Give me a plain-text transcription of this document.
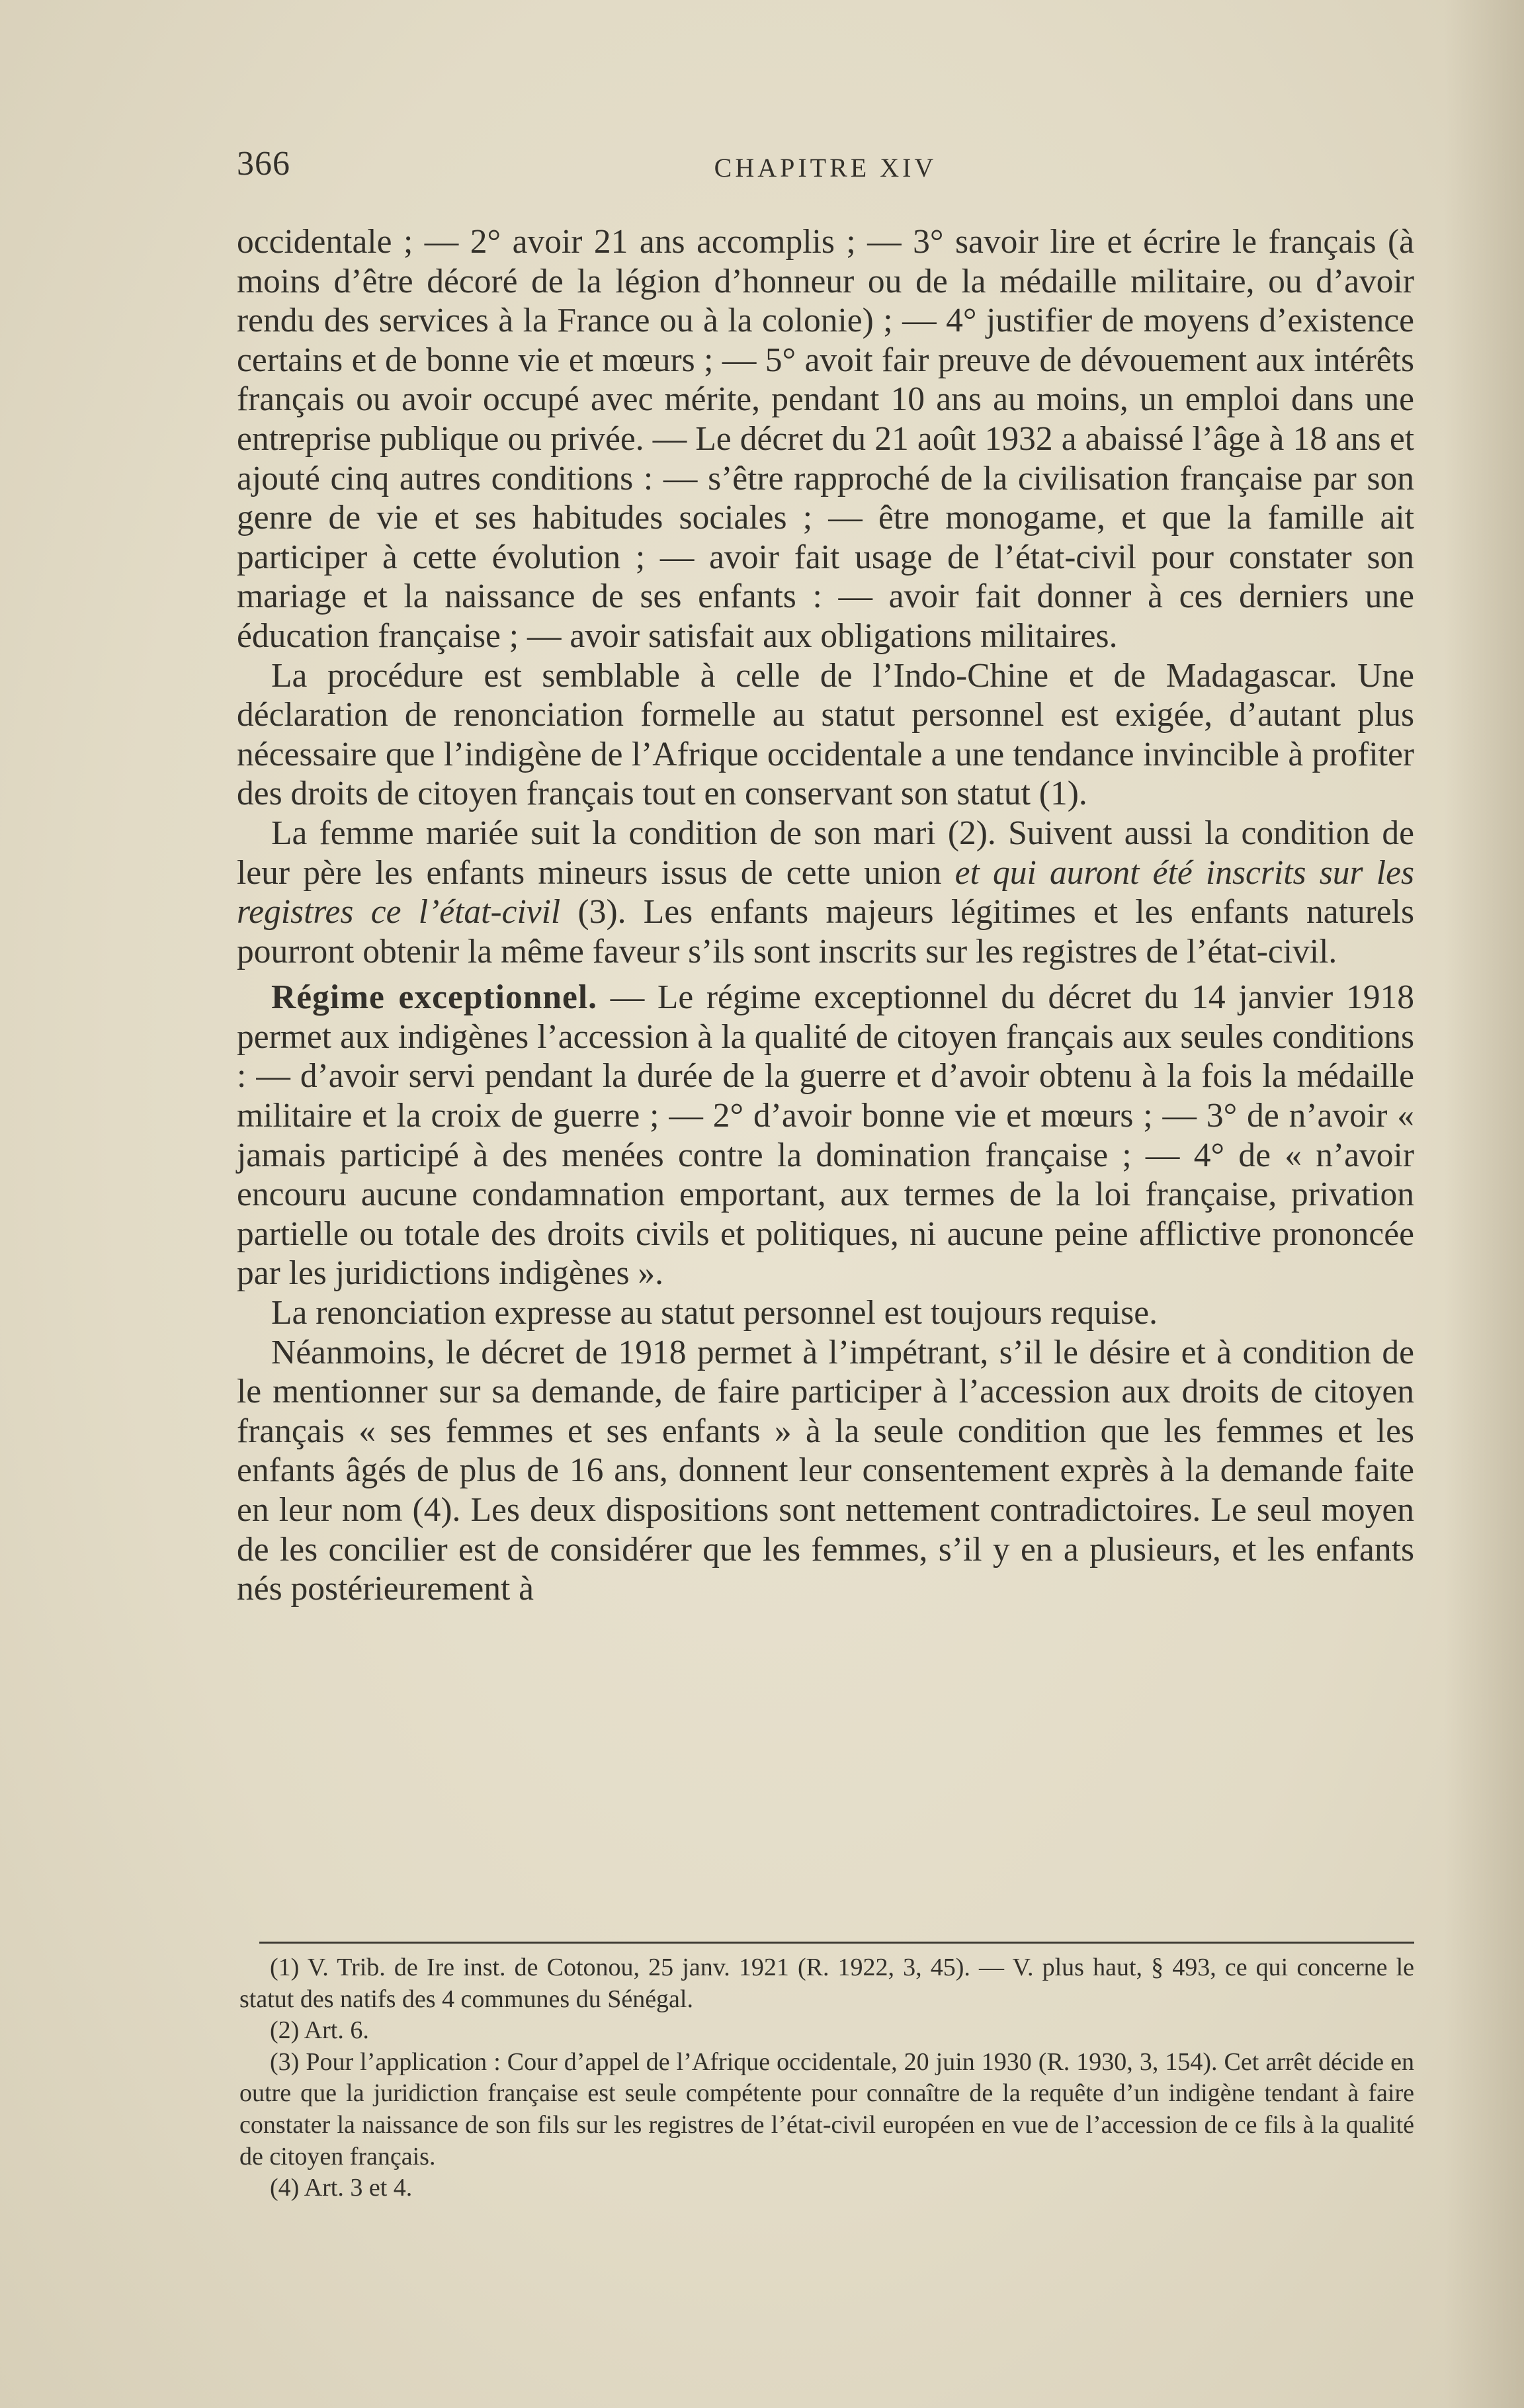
366	CHAPITRE XIV

occidentale ; — 2° avoir 21 ans accomplis ; — 3° savoir lire et écrire le français (à moins d’être décoré de la légion d’honneur ou de la médaille militaire, ou d’avoir rendu des services à la France ou à la colonie) ; — 4° justifier de moyens d’existence certains et de bonne vie et mœurs ; — 5° avoit fair preuve de dévouement aux intérêts français ou avoir occupé avec mérite, pendant 10 ans au moins, un emploi dans une entreprise publique ou privée. — Le décret du 21 août 1932 a abaissé l’âge à 18 ans et ajouté cinq autres conditions : — s’être rapproché de la civilisation française par son genre de vie et ses habitudes sociales ; — être monogame, et que la famille ait participer à cette évolution ; — avoir fait usage de l’état-civil pour constater son mariage et la naissance de ses enfants : — avoir fait donner à ces derniers une éducation française ; — avoir satisfait aux obligations militaires.

La procédure est semblable à celle de l’Indo-Chine et de Madagascar. Une déclaration de renonciation formelle au statut personnel est exigée, d’autant plus nécessaire que l’indigène de l’Afrique occidentale a une tendance invincible à profiter des droits de citoyen français tout en conservant son statut (1).

La femme mariée suit la condition de son mari (2). Suivent aussi la condition de leur père les enfants mineurs issus de cette union et qui auront été inscrits sur les registres ce l’état-civil (3). Les enfants majeurs légitimes et les enfants naturels pourront obtenir la même faveur s’ils sont inscrits sur les registres de l’état-civil.

Régime exceptionnel. — Le régime exceptionnel du décret du 14 janvier 1918 permet aux indigènes l’accession à la qualité de citoyen français aux seules conditions : — d’avoir servi pendant la durée de la guerre et d’avoir obtenu à la fois la médaille militaire et la croix de guerre ; — 2° d’avoir bonne vie et mœurs ; — 3° de n’avoir « jamais participé à des menées contre la domination française ; — 4° de « n’avoir encouru aucune condamnation emportant, aux termes de la loi française, privation partielle ou totale des droits civils et politiques, ni aucune peine afflictive prononcée par les juridictions indigènes ».

La renonciation expresse au statut personnel est toujours requise.

Néanmoins, le décret de 1918 permet à l’impétrant, s’il le désire et à condition de le mentionner sur sa demande, de faire participer à l’accession aux droits de citoyen français « ses femmes et ses enfants » à la seule condition que les femmes et les enfants âgés de plus de 16 ans, donnent leur consentement exprès à la demande faite en leur nom (4). Les deux dispositions sont nettement contradictoires. Le seul moyen de les concilier est de considérer que les femmes, s’il y en a plusieurs, et les enfants nés postérieurement à

(1) V. Trib. de Ire inst. de Cotonou, 25 janv. 1921 (R. 1922, 3, 45). — V. plus haut, § 493, ce qui concerne le statut des natifs des 4 communes du Sénégal.

(2) Art. 6.

(3) Pour l’application : Cour d’appel de l’Afrique occidentale, 20 juin 1930 (R. 1930, 3, 154). Cet arrêt décide en outre que la juridiction française est seule compétente pour connaître de la requête d’un indigène tendant à faire constater la naissance de son fils sur les registres de l’état-civil européen en vue de l’accession de ce fils à la qualité de citoyen français.

(4) Art. 3 et 4.
